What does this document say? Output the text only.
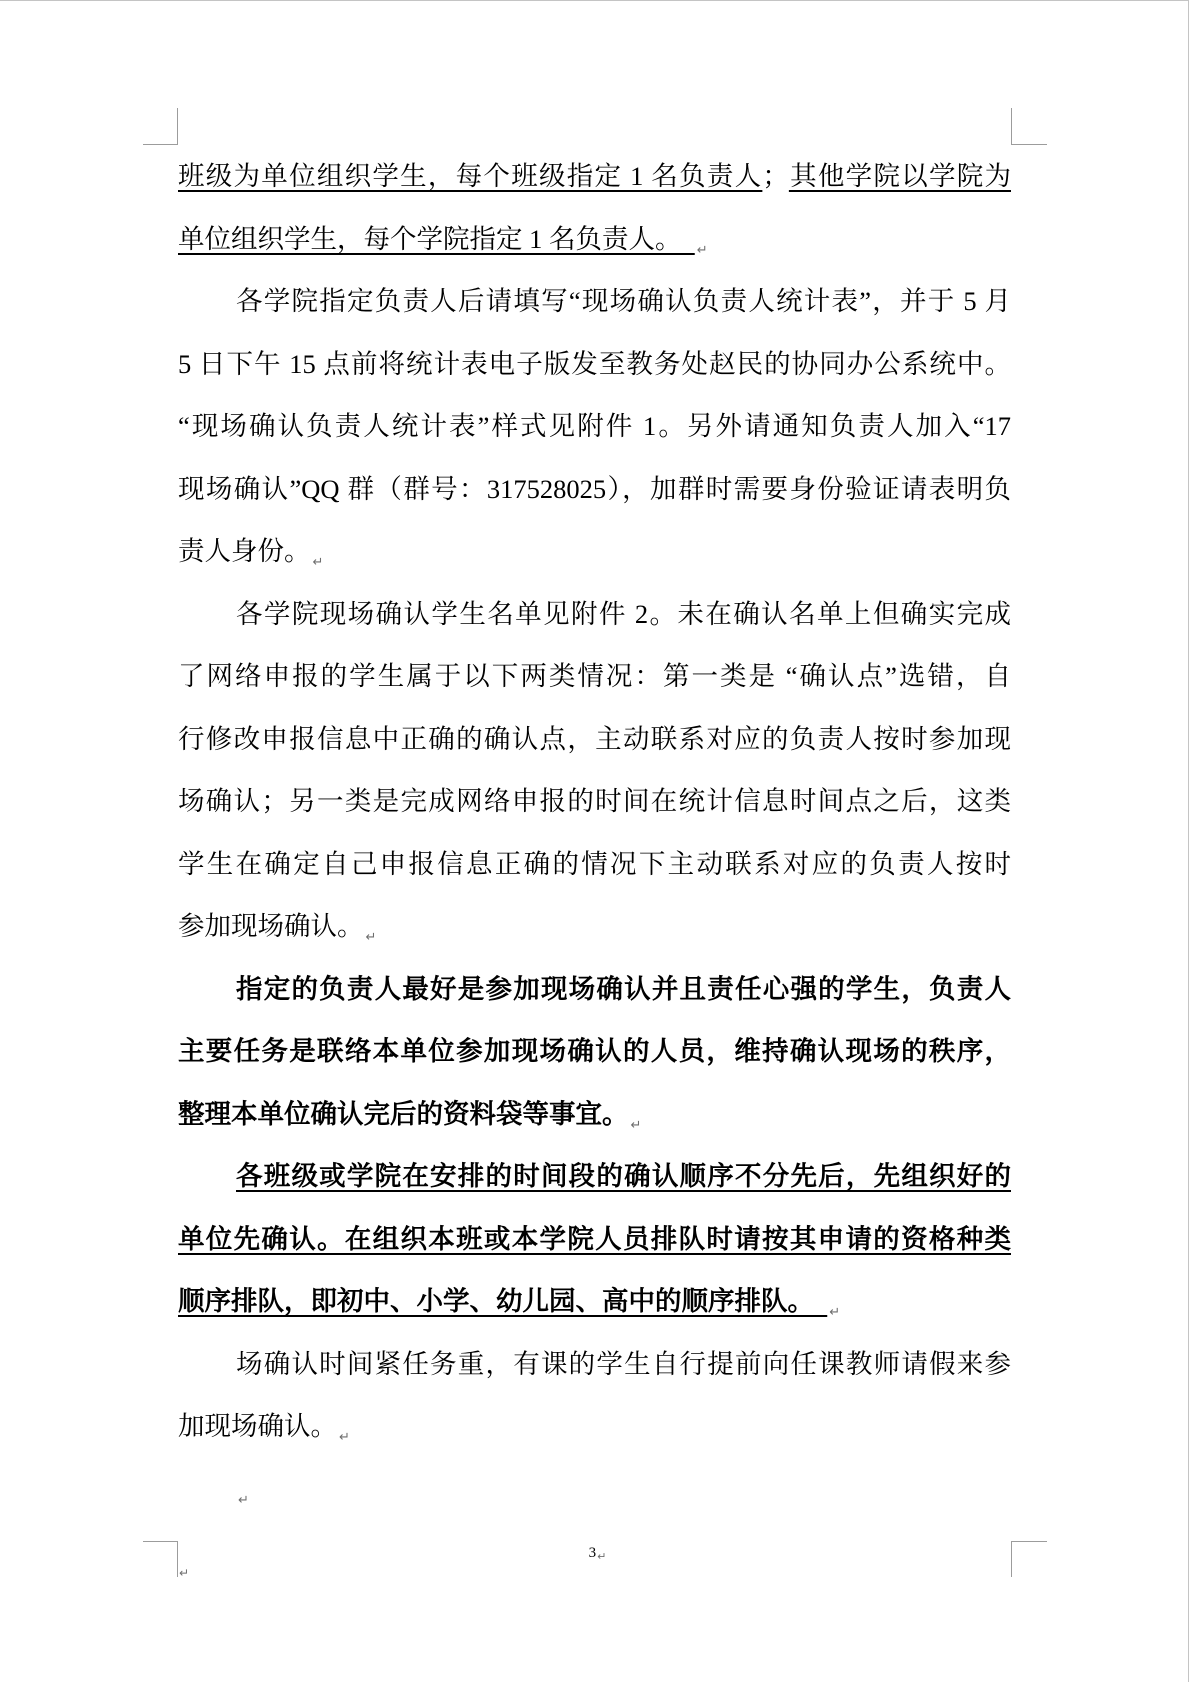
班级为单位组织学生，每个班级指定 1 名负责人；其他学院以学院为
单位组织学生，每个学院指定 1 名负责人。 $_↵$
各学院指定负责人后请填写“现场确认负责人统计表”，并于 5 月
5 日下午 15 点前将统计表电子版发至教务处赵民的协同办公系统中。
“现场确认负责人统计表”样式见附件 1。另外请通知负责人加入“17
现场确认”QQ 群（群号：317528025），加群时需要身份验证请表明负
责人身份。 $_↵$
各学院现场确认学生名单见附件 2。未在确认名单上但确实完成
了网络申报的学生属于以下两类情况：第一类是 “确认点”选错，自
行修改申报信息中正确的确认点，主动联系对应的负责人按时参加现
场确认；另一类是完成网络申报的时间在统计信息时间点之后，这类
学生在确定自己申报信息正确的情况下主动联系对应的负责人按时
参加现场确认。 $_↵$
指定的负责人最好是参加现场确认并且责任心强的学生，负责人
主要任务是联络本单位参加现场确认的人员，维持确认现场的秩序，
整理本单位确认完后的资料袋等事宜。 $_↵$
各班级或学院在安排的时间段的确认顺序不分先后，先组织好的
单位先确认。在组织本班或本学院人员排队时请按其申请的资格种类
顺序排队，即初中、小学、幼儿园、高中的顺序排队。 $_↵$
场确认时间紧任务重，有课的学生自行提前向任课教师请假来参
加现场确认。 $_↵$
$_↵$
$3_↵$
↵
